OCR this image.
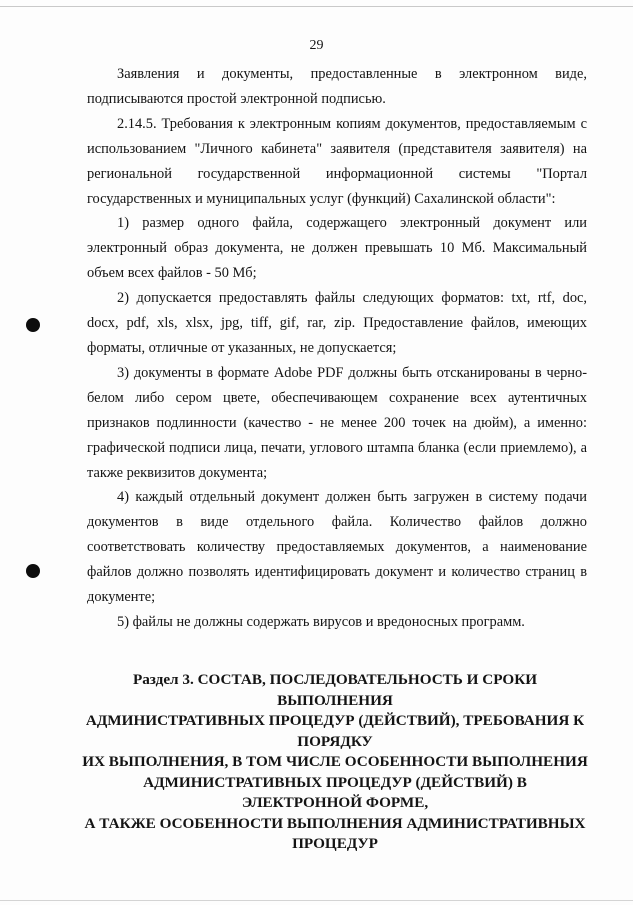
29

Заявления и документы, предоставленные в электронном виде, подписываются простой электронной подписью.

2.14.5. Требования к электронным копиям документов, предоставляемым с использованием "Личного кабинета" заявителя (представителя заявителя) на региональной государственной информационной системы "Портал государственных и муниципальных услуг (функций) Сахалинской области":

1) размер одного файла, содержащего электронный документ или электронный образ документа, не должен превышать 10 Мб. Максимальный объем всех файлов - 50 Мб;

2) допускается предоставлять файлы следующих форматов: txt, rtf, doc, docx, pdf, xls, xlsx, jpg, tiff, gif, rar, zip. Предоставление файлов, имеющих форматы, отличные от указанных, не допускается;

3) документы в формате Adobe PDF должны быть отсканированы в черно-белом либо сером цвете, обеспечивающем сохранение всех аутентичных признаков подлинности (качество - не менее 200 точек на дюйм), а именно: графической подписи лица, печати, углового штампа бланка (если приемлемо), а также реквизитов документа;

4) каждый отдельный документ должен быть загружен в систему подачи документов в виде отдельного файла. Количество файлов должно соответствовать количеству предоставляемых документов, а наименование файлов должно позволять идентифицировать документ и количество страниц в документе;

5) файлы не должны содержать вирусов и вредоносных программ.

Раздел 3. СОСТАВ, ПОСЛЕДОВАТЕЛЬНОСТЬ И СРОКИ
ВЫПОЛНЕНИЯ
АДМИНИСТРАТИВНЫХ ПРОЦЕДУР (ДЕЙСТВИЙ), ТРЕБОВАНИЯ К
ПОРЯДКУ
ИХ ВЫПОЛНЕНИЯ, В ТОМ ЧИСЛЕ ОСОБЕННОСТИ ВЫПОЛНЕНИЯ
АДМИНИСТРАТИВНЫХ ПРОЦЕДУР (ДЕЙСТВИЙ) В
ЭЛЕКТРОННОЙ ФОРМЕ,
А ТАКЖЕ ОСОБЕННОСТИ ВЫПОЛНЕНИЯ АДМИНИСТРАТИВНЫХ
ПРОЦЕДУР
